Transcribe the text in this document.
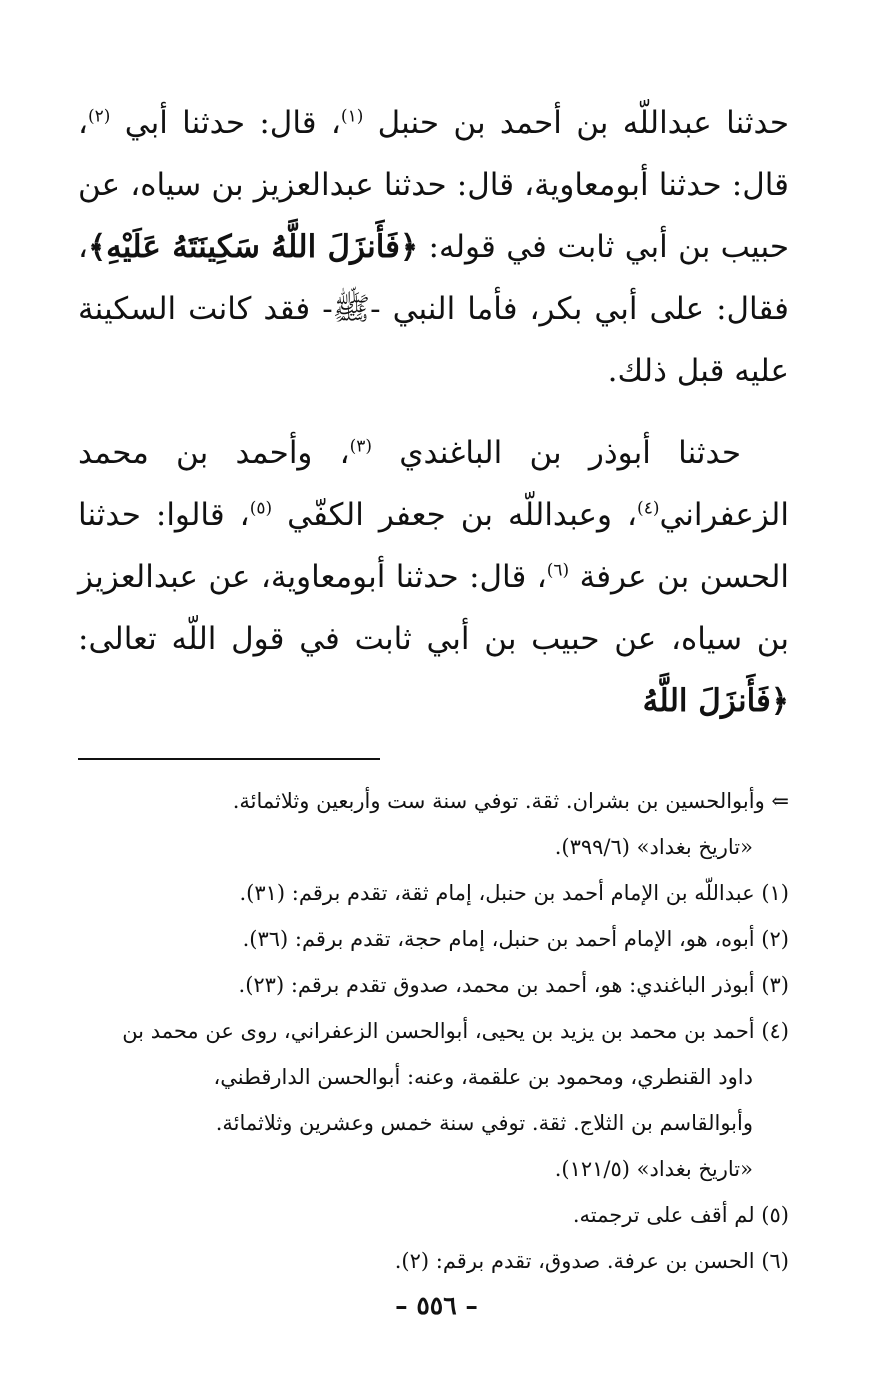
حدثنا عبداللّه بن أحمد بن حنبل $^{(١)}$، قال: حدثنا أبي $^{(٢)}$، قال: حدثنا أبومعاوية، قال: حدثنا عبدالعزيز بن سياه، عن حبيب بن أبي ثابت في قوله: ﴿فَأَنزَلَ اللَّهُ سَكِينَتَهُ عَلَيْهِ﴾، فقال: على أبي بكر، فأما النبي -ﷺ- فقد كانت السكينة عليه قبل ذلك.

حدثنا أبوذر بن الباغندي $^{(٣)}$، وأحمد بن محمد الزعفراني$^{(٤)}$، وعبداللّه بن جعفر الكفّي $^{(٥)}$، قالوا: حدثنا الحسن بن عرفة $^{(٦)}$، قال: حدثنا أبومعاوية، عن عبدالعزيز بن سياه، عن حبيب بن أبي ثابت في قول اللّه تعالى: ﴿فَأَنزَلَ اللَّهُ

⇐ وأبوالحسين بن بشران. ثقة. توفي سنة ست وأربعين وثلاثمائة.

«تاريخ بغداد» (٣٩٩/٦).

(١) عبداللّه بن الإمام أحمد بن حنبل، إمام ثقة، تقدم برقم: (٣١).

(٢) أبوه، هو، الإمام أحمد بن حنبل، إمام حجة، تقدم برقم: (٣٦).

(٣) أبوذر الباغندي: هو، أحمد بن محمد، صدوق تقدم برقم: (٢٣).

(٤) أحمد بن محمد بن يزيد بن يحيى، أبوالحسن الزعفراني، روى عن محمد بن

داود القنطري، ومحمود بن علقمة، وعنه: أبوالحسن الدارقطني،

وأبوالقاسم بن الثلاج. ثقة. توفي سنة خمس وعشرين وثلاثمائة.

«تاريخ بغداد» (١٢١/٥).

(٥) لم أقف على ترجمته.

(٦) الحسن بن عرفة. صدوق، تقدم برقم: (٢).

– ٥٥٦ –
